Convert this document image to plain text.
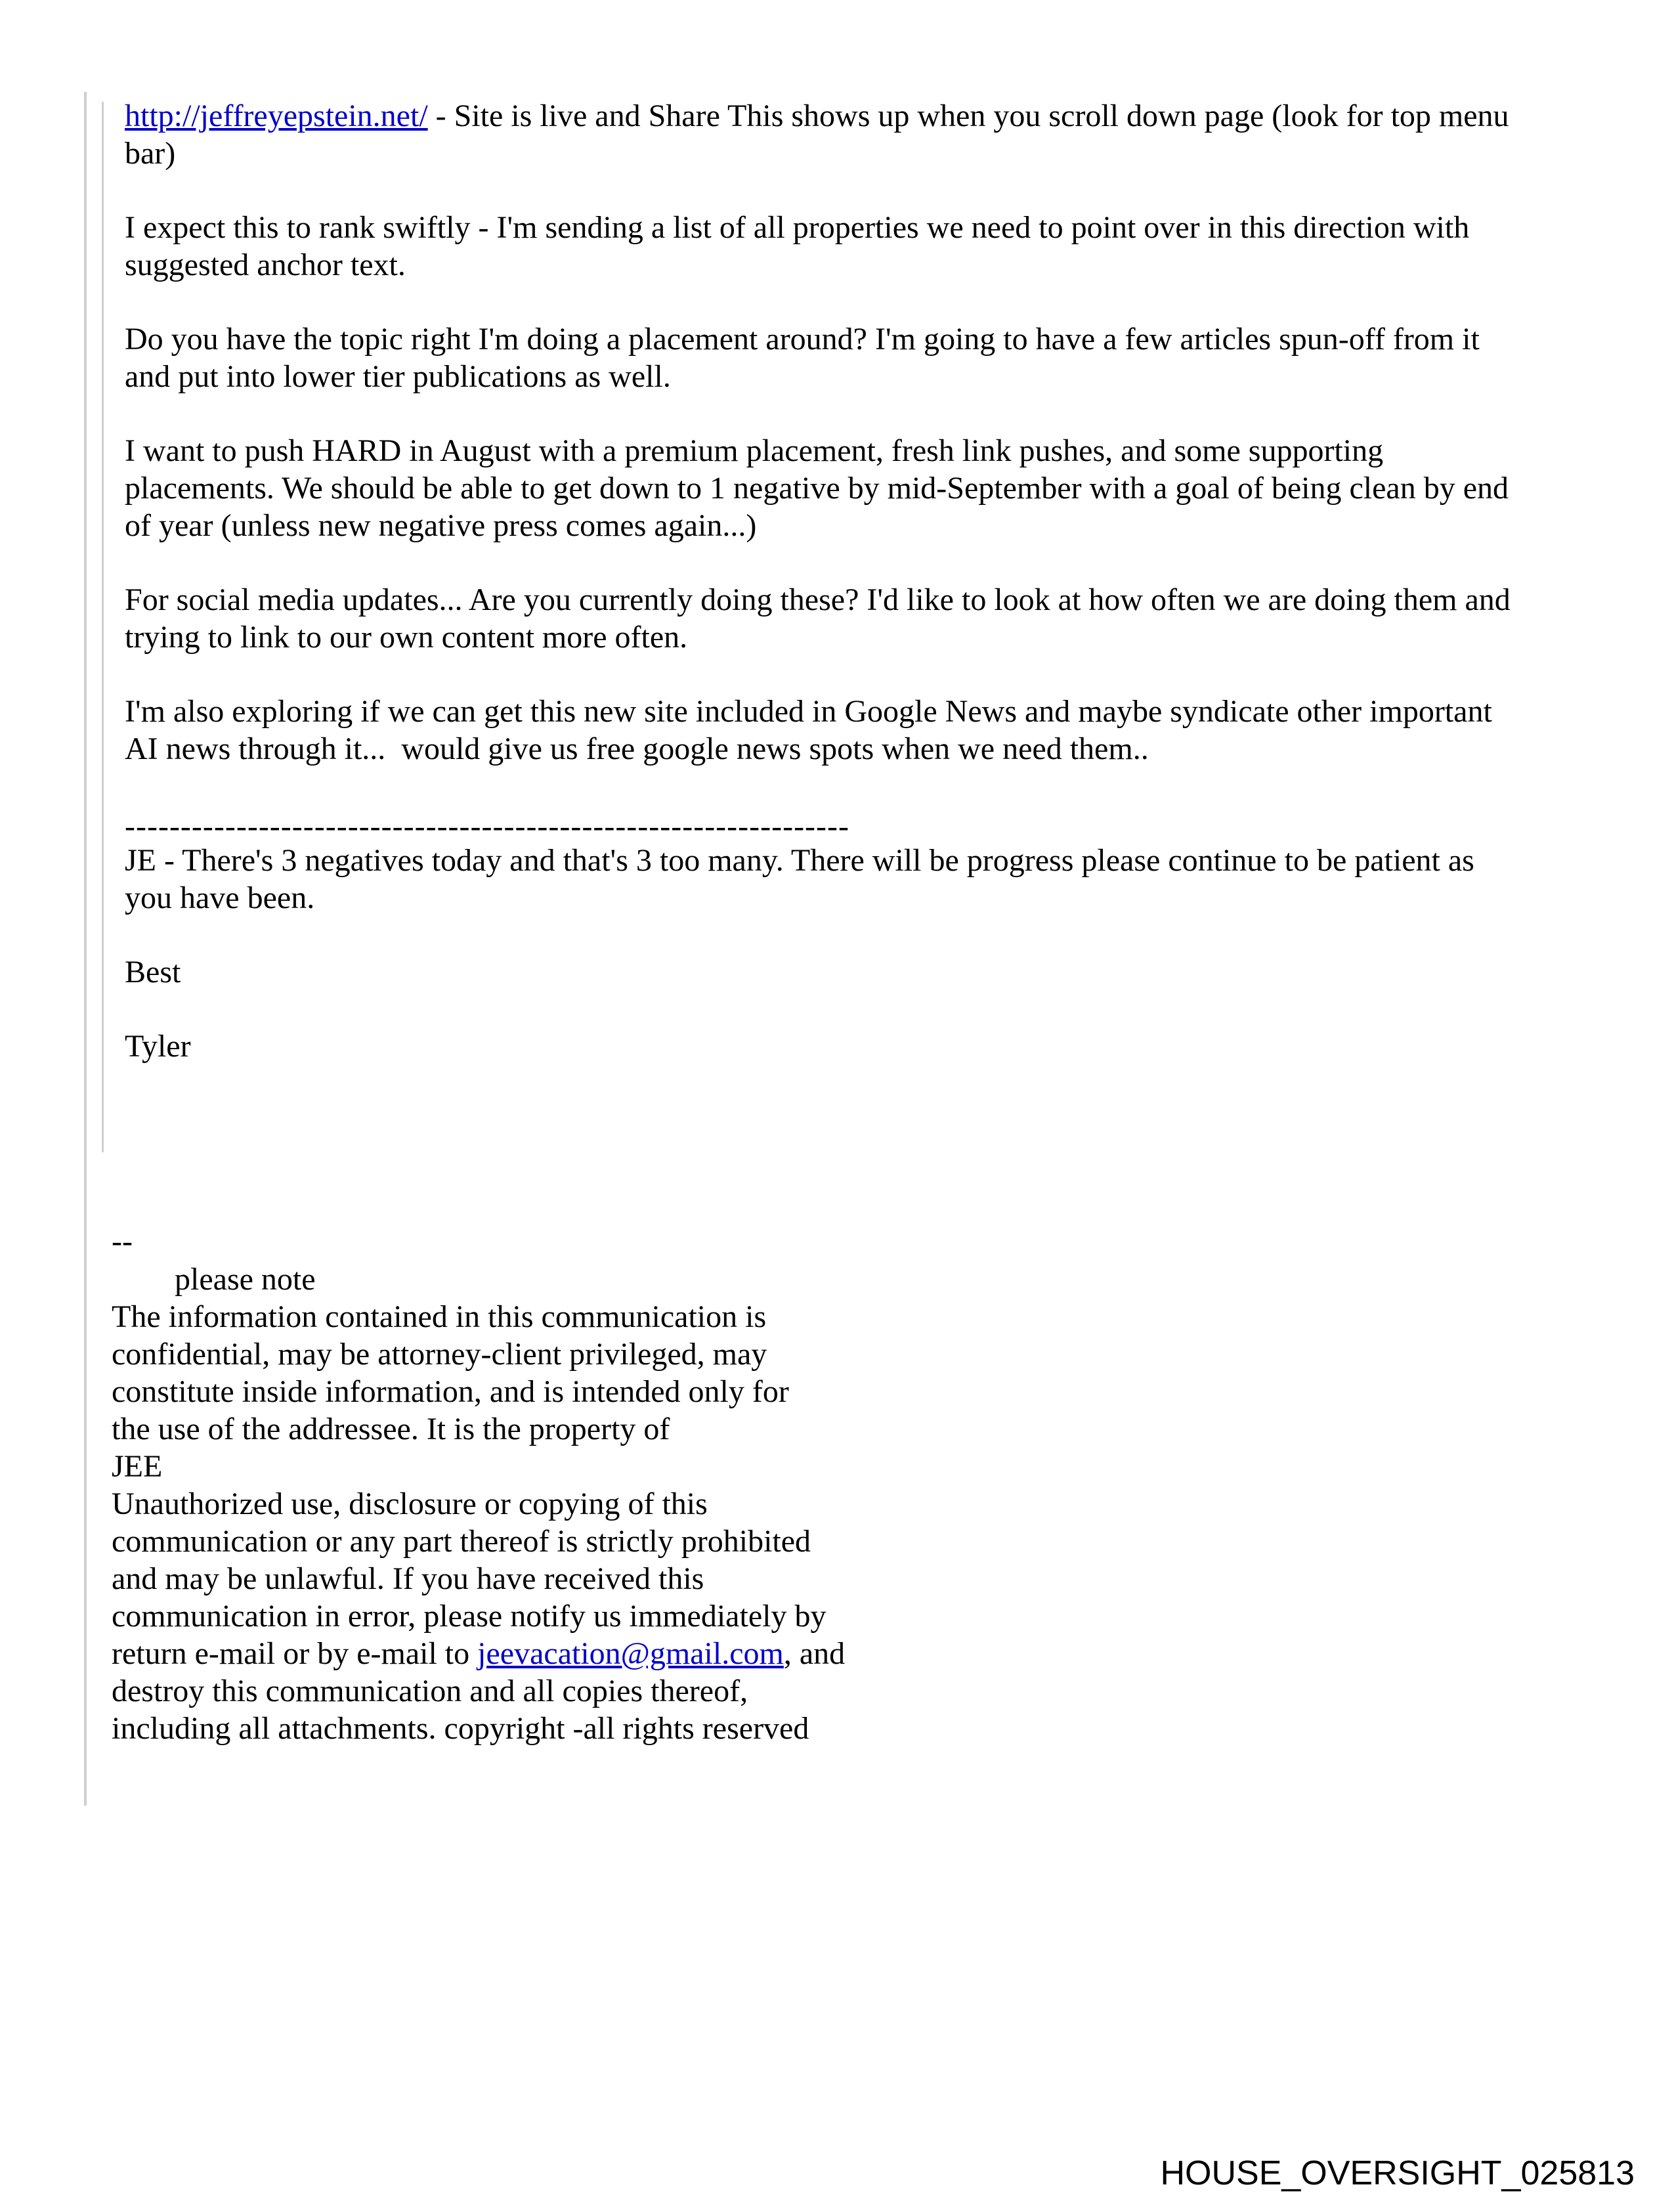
http://jeffreyepstein.net/ - Site is live and Share This shows up when you scroll down page (look for top menu
bar)
I expect this to rank swiftly - I'm sending a list of all properties we need to point over in this direction with
suggested anchor text.
Do you have the topic right I'm doing a placement around? I'm going to have a few articles spun-off from it
and put into lower tier publications as well.
I want to push HARD in August with a premium placement, fresh link pushes, and some supporting
placements. We should be able to get down to 1 negative by mid-September with a goal of being clean by end
of year (unless new negative press comes again...)
For social media updates... Are you currently doing these? I'd like to look at how often we are doing them and
trying to link to our own content more often.
I'm also exploring if we can get this new site included in Google News and maybe syndicate other important
AI news through it...  would give us free google news spots when we need them..
-----------------------------------------------------------------
JE - There's 3 negatives today and that's 3 too many. There will be progress please continue to be patient as
you have been.
Best
Tyler
--
please note
The information contained in this communication is
confidential, may be attorney-client privileged, may
constitute inside information, and is intended only for
the use of the addressee. It is the property of
JEE
Unauthorized use, disclosure or copying of this
communication or any part thereof is strictly prohibited
and may be unlawful. If you have received this
communication in error, please notify us immediately by
return e-mail or by e-mail to jeevacation@gmail.com, and
destroy this communication and all copies thereof,
including all attachments. copyright -all rights reserved
HOUSE_OVERSIGHT_025813
